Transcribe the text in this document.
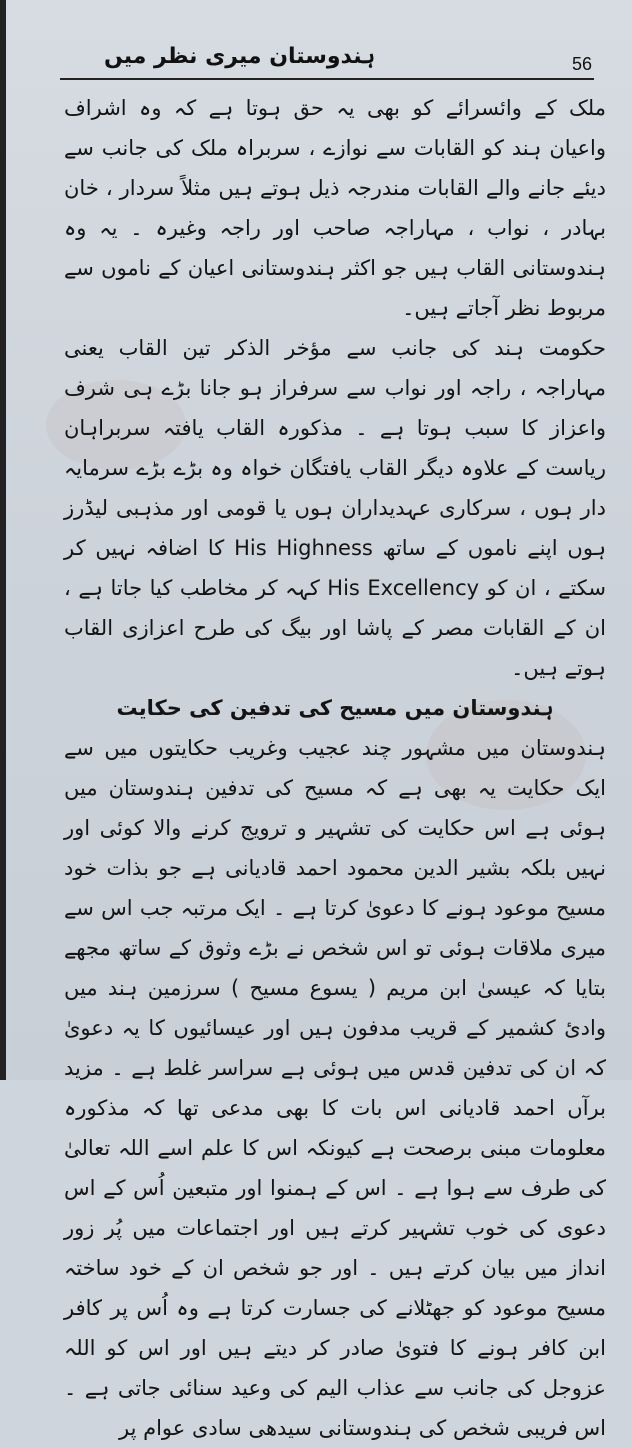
ہندوستان میری نظر میں	56

ملک کے وائسرائے کو بھی یہ حق ہوتا ہے کہ وہ اشراف واعیان ہند کو القابات سے نوازے ، سربراہ ملک کی جانب سے دیئے جانے والے القابات مندرجہ ذیل ہوتے ہیں مثلاً سردار ، خان بہادر ، نواب ، مہاراجہ صاحب اور راجہ وغیرہ ۔ یہ وہ ہندوستانی القاب ہیں جو اکثر ہندوستانی اعیان کے ناموں سے مربوط نظر آجاتے ہیں۔

حکومت ہند کی جانب سے مؤخر الذکر تین القاب یعنی مہاراجہ ، راجہ اور نواب سے سرفراز ہو جانا بڑے ہی شرف واعزاز کا سبب ہوتا ہے ۔ مذکورہ القاب یافتہ سربراہان ریاست کے علاوہ دیگر القاب یافتگان خواہ وہ بڑے بڑے سرمایہ دار ہوں ، سرکاری عہدیداران ہوں یا قومی اور مذہبی لیڈرز ہوں اپنے ناموں کے ساتھ His Highness کا اضافہ نہیں کر سکتے ، ان کو His Excellency کہہ کر مخاطب کیا جاتا ہے ، ان کے القابات مصر کے پاشا اور بیگ کی طرح اعزازی القاب ہوتے ہیں۔

ہندوستان میں مسیح کی تدفین کی حکایت

ہندوستان میں مشہور چند عجیب وغریب حکایتوں میں سے ایک حکایت یہ بھی ہے کہ مسیح کی تدفین ہندوستان میں ہوئی ہے اس حکایت کی تشہیر و ترویج کرنے والا کوئی اور نہیں بلکہ بشیر الدین محمود احمد قادیانی ہے جو بذات خود مسیح موعود ہونے کا دعویٰ کرتا ہے ۔ ایک مرتبہ جب اس سے میری ملاقات ہوئی تو اس شخص نے بڑے وثوق کے ساتھ مجھے بتایا کہ عیسیٰ ابن مریم ( یسوع مسیح ) سرزمین ہند میں وادیٔ کشمیر کے قریب مدفون ہیں اور عیسائیوں کا یہ دعویٰ کہ ان کی تدفین قدس میں ہوئی ہے سراسر غلط ہے ۔ مزید برآں احمد قادیانی اس بات کا بھی مدعی تھا کہ مذکورہ معلومات مبنی برصحت ہے کیونکہ اس کا علم اسے اللہ تعالیٰ کی طرف سے ہوا ہے ۔ اس کے ہمنوا اور متبعین اُس کے اس دعوی کی خوب تشہیر کرتے ہیں اور اجتماعات میں پُر زور انداز میں بیان کرتے ہیں ۔ اور جو شخص ان کے خود ساختہ مسیح موعود کو جھٹلانے کی جسارت کرتا ہے وہ اُس پر کافر ابن کافر ہونے کا فتویٰ صادر کر دیتے ہیں اور اس کو اللہ عزوجل کی جانب سے عذاب الیم کی وعید سنائی جاتی ہے ۔ اس فریبی شخص کی ہندوستانی سیدھی سادی عوام پر
